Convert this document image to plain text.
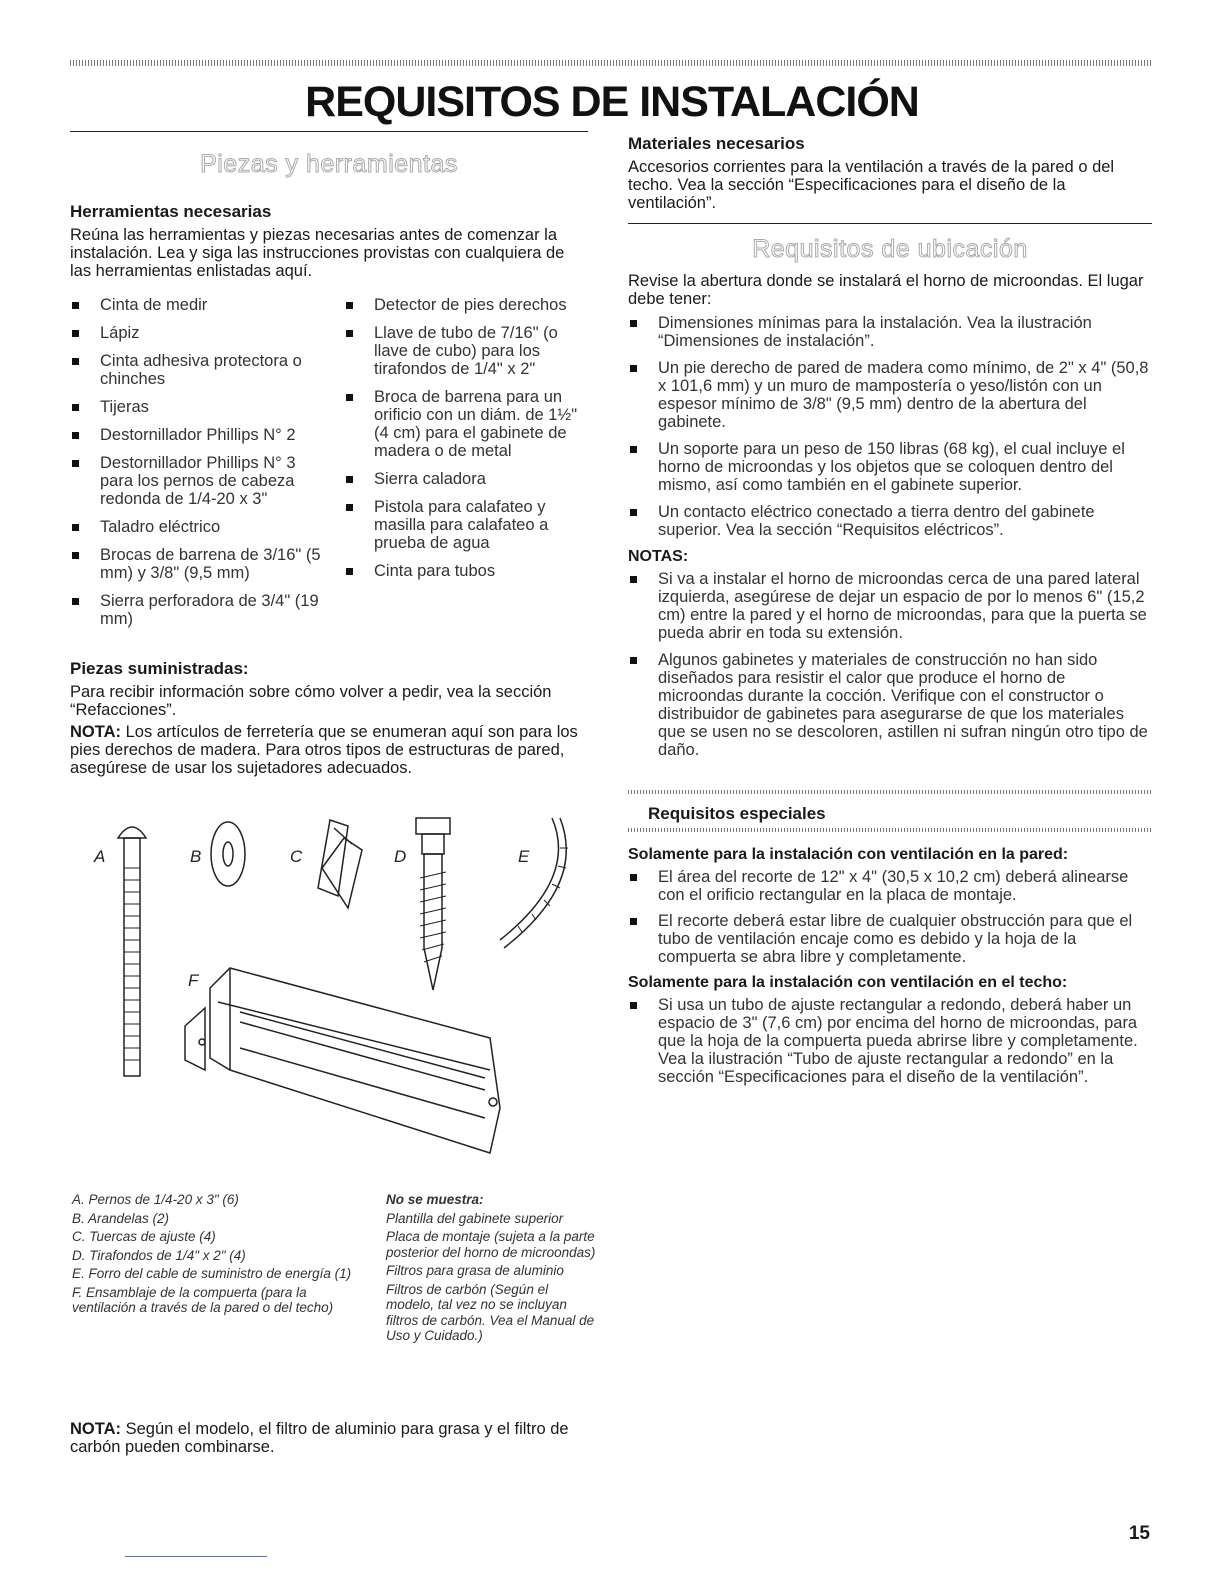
REQUISITOS DE INSTALACIÓN
Piezas y herramientas
Herramientas necesarias

Reúna las herramientas y piezas necesarias antes de comenzar la instalación. Lea y siga las instrucciones provistas con cualquiera de las herramientas enlistadas aquí.

Cinta de medir
Lápiz
Cinta adhesiva protectora o chinches
Tijeras
Destornillador Phillips N° 2
Destornillador Phillips N° 3 para los pernos de cabeza redonda de 1/4-20 x 3"
Taladro eléctrico
Brocas de barrena de 3/16" (5 mm) y 3/8" (9,5 mm)
Sierra perforadora de 3/4" (19 mm)
Detector de pies derechos
Llave de tubo de 7/16" (o llave de cubo) para los tirafondos de 1/4" x 2"
Broca de barrena para un orificio con un diám. de 1½" (4 cm) para el gabinete de madera o de metal
Sierra caladora
Pistola para calafateo y masilla para calafateo a prueba de agua
Cinta para tubos
Piezas suministradas:

Para recibir información sobre cómo volver a pedir, vea la sección “Refacciones”.

NOTA: Los artículos de ferretería que se enumeran aquí son para los pies derechos de madera. Para otros tipos de estructuras de pared, asegúrese de usar los sujetadores adecuados.

A	B	C	D	E
F
A. Pernos de 1/4-20 x 3" (6)
B. Arandelas (2)
C. Tuercas de ajuste (4)
D. Tirafondos de 1/4" x 2" (4)
E. Forro del cable de suministro de energía (1)
F. Ensamblaje de la compuerta (para la ventilación a través de la pared o del techo)
No se muestra:
Plantilla del gabinete superior
Placa de montaje (sujeta a la parte posterior del horno de microondas)
Filtros para grasa de aluminio
Filtros de carbón (Según el modelo, tal vez no se incluyan filtros de carbón. Vea el Manual de Uso y Cuidado.)

NOTA: Según el modelo, el filtro de aluminio para grasa y el filtro de carbón pueden combinarse.

Materiales necesarios

Accesorios corrientes para la ventilación a través de la pared o del techo. Vea la sección “Especificaciones para el diseño de la ventilación”.

Requisitos de ubicación

Revise la abertura donde se instalará el horno de microondas. El lugar debe tener:

Dimensiones mínimas para la instalación. Vea la ilustración “Dimensiones de instalación”.
Un pie derecho de pared de madera como mínimo, de 2" x 4" (50,8 x 101,6 mm) y un muro de mampostería o yeso/listón con un espesor mínimo de 3/8" (9,5 mm) dentro de la abertura del gabinete.
Un soporte para un peso de 150 libras (68 kg), el cual incluye el horno de microondas y los objetos que se coloquen dentro del mismo, así como también en el gabinete superior.
Un contacto eléctrico conectado a tierra dentro del gabinete superior. Vea la sección “Requisitos eléctricos”.
NOTAS:
Si va a instalar el horno de microondas cerca de una pared lateral izquierda, asegúrese de dejar un espacio de por lo menos 6" (15,2 cm) entre la pared y el horno de microondas, para que la puerta se pueda abrir en toda su extensión.
Algunos gabinetes y materiales de construcción no han sido diseñados para resistir el calor que produce el horno de microondas durante la cocción. Verifique con el constructor o distribuidor de gabinetes para asegurarse de que los materiales que se usen no se descoloren, astillen ni sufran ningún otro tipo de daño.
Requisitos especiales
Solamente para la instalación con ventilación en la pared:
El área del recorte de 12" x 4" (30,5 x 10,2 cm) deberá alinearse con el orificio rectangular en la placa de montaje.
El recorte deberá estar libre de cualquier obstrucción para que el tubo de ventilación encaje como es debido y la hoja de la compuerta se abra libre y completamente.
Solamente para la instalación con ventilación en el techo:
Si usa un tubo de ajuste rectangular a redondo, deberá haber un espacio de 3" (7,6 cm) por encima del horno de microondas, para que la hoja de la compuerta pueda abrirse libre y completamente. Vea la ilustración “Tubo de ajuste rectangular a redondo” en la sección “Especificaciones para el diseño de la ventilación”.
15
